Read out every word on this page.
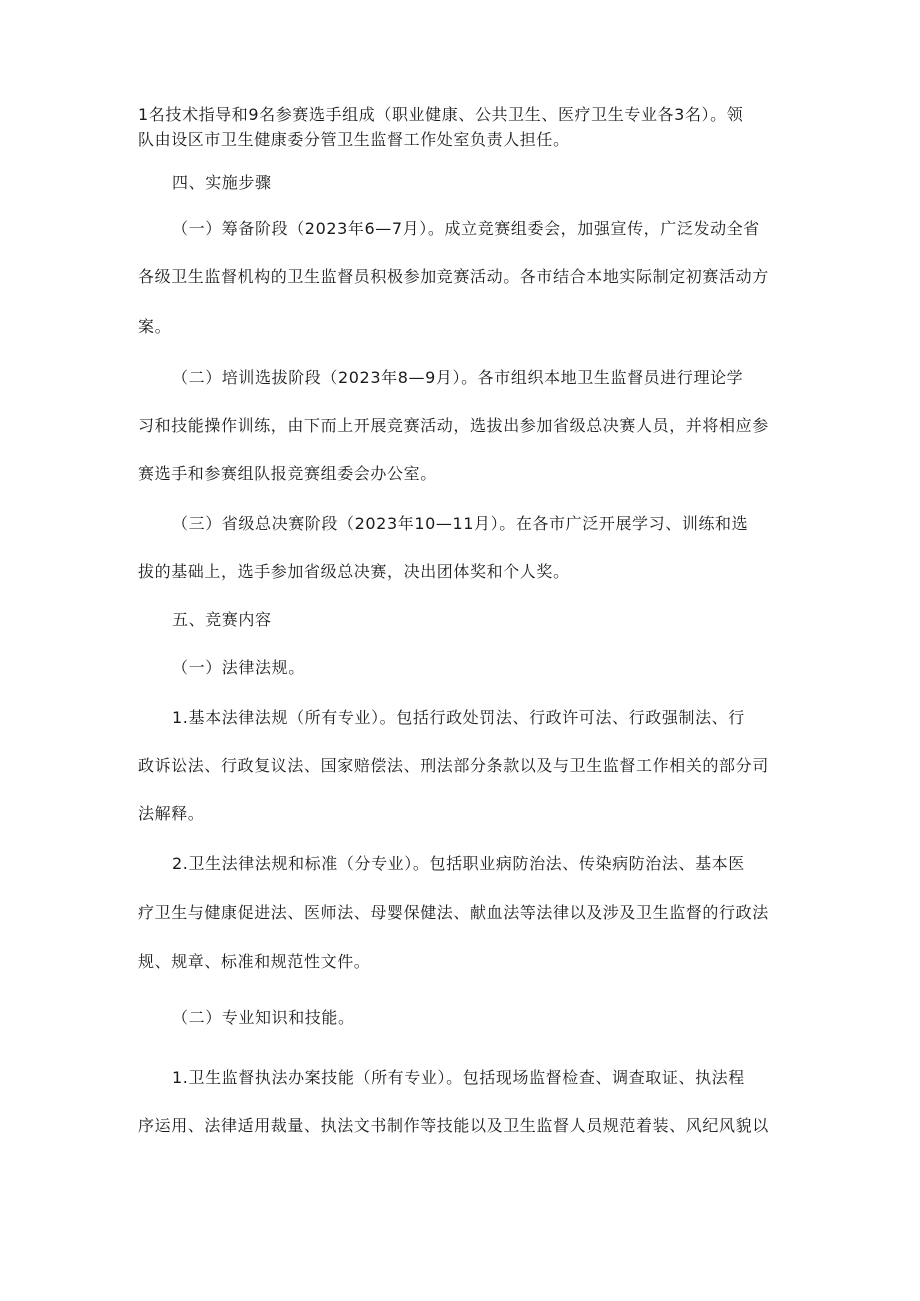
1名技术指导和9名参赛选手组成（职业健康、公共卫生、医疗卫生专业各3名）。领
队由设区市卫生健康委分管卫生监督工作处室负责人担任。
四、实施步骤
（一）筹备阶段（2023年6—7月）。成立竞赛组委会，加强宣传，广泛发动全省
各级卫生监督机构的卫生监督员积极参加竞赛活动。各市结合本地实际制定初赛活动方
案。
（二）培训选拔阶段（2023年8—9月）。各市组织本地卫生监督员进行理论学
习和技能操作训练，由下而上开展竞赛活动，选拔出参加省级总决赛人员，并将相应参
赛选手和参赛组队报竞赛组委会办公室。
（三）省级总决赛阶段（2023年10—11月）。在各市广泛开展学习、训练和选
拔的基础上，选手参加省级总决赛，决出团体奖和个人奖。
五、竞赛内容
（一）法律法规。
1.基本法律法规（所有专业）。包括行政处罚法、行政许可法、行政强制法、行
政诉讼法、行政复议法、国家赔偿法、刑法部分条款以及与卫生监督工作相关的部分司
法解释。
2.卫生法律法规和标准（分专业）。包括职业病防治法、传染病防治法、基本医
疗卫生与健康促进法、医师法、母婴保健法、献血法等法律以及涉及卫生监督的行政法
规、规章、标准和规范性文件。
（二）专业知识和技能。
1.卫生监督执法办案技能（所有专业）。包括现场监督检查、调查取证、执法程
序运用、法律适用裁量、执法文书制作等技能以及卫生监督人员规范着装、风纪风貌以
